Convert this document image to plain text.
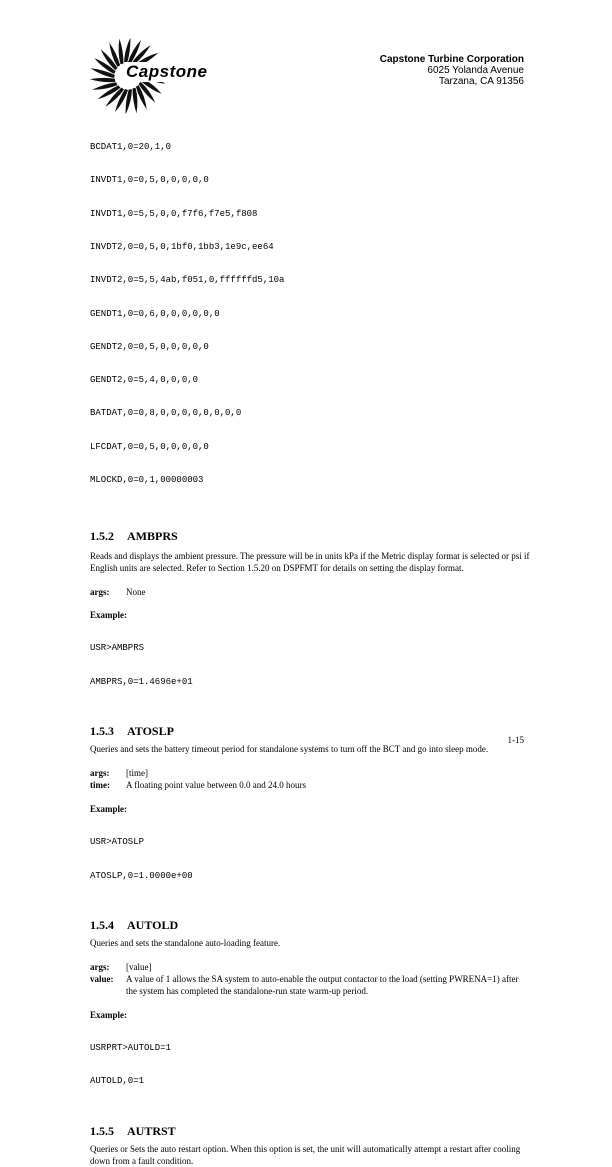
Capstone
Capstone Turbine Corporation
6025 Yolanda Avenue
Tarzana, CA 91356

BCDAT1,0=20,1,0

INVDT1,0=0,5,0,0,0,0,0

INVDT1,0=5,5,0,0,f7f6,f7e5,f808

INVDT2,0=0,5,0,1bf0,1bb3,1e9c,ee64

INVDT2,0=5,5,4ab,f051,0,ffffffd5,10a

GENDT1,0=0,6,0,0,0,0,0,0

GENDT2,0=0,5,0,0,0,0,0

GENDT2,0=5,4,0,0,0,0

BATDAT,0=0,8,0,0,0,0,0,0,0,0

LFCDAT,0=0,5,0,0,0,0,0

MLOCKD,0=0,1,00000003

1.5.2 AMBPRS

Reads and displays the ambient pressure. The pressure will be in units kPa if the Metric display format is selected or psi if English units are selected. Refer to Section 1.5.20 on DSPFMT for details on setting the display format.

args:	None
Example:

USR>AMBPRS

AMBPRS,0=1.4696e+01

1.5.3 ATOSLP

Queries and sets the battery timeout period for standalone systems to turn off the BCT and go into sleep mode.

args:	[time]
time:	A floating point value between 0.0 and 24.0 hours
Example:

USR>ATOSLP

ATOSLP,0=1.0000e+00

1.5.4 AUTOLD

Queries and sets the standalone auto-loading feature.

args:	[value]
value:	A value of 1 allows the SA system to auto-enable the output contactor to the load (setting PWRENA=1) after the system has completed the standalone-run state warm-up period.
Example:

USRPRT>AUTOLD=1

AUTOLD,0=1

1.5.5 AUTRST

Queries or Sets the auto restart option. When this option is set, the unit will automatically attempt a restart after cooling down from a fault condition.

1-15
